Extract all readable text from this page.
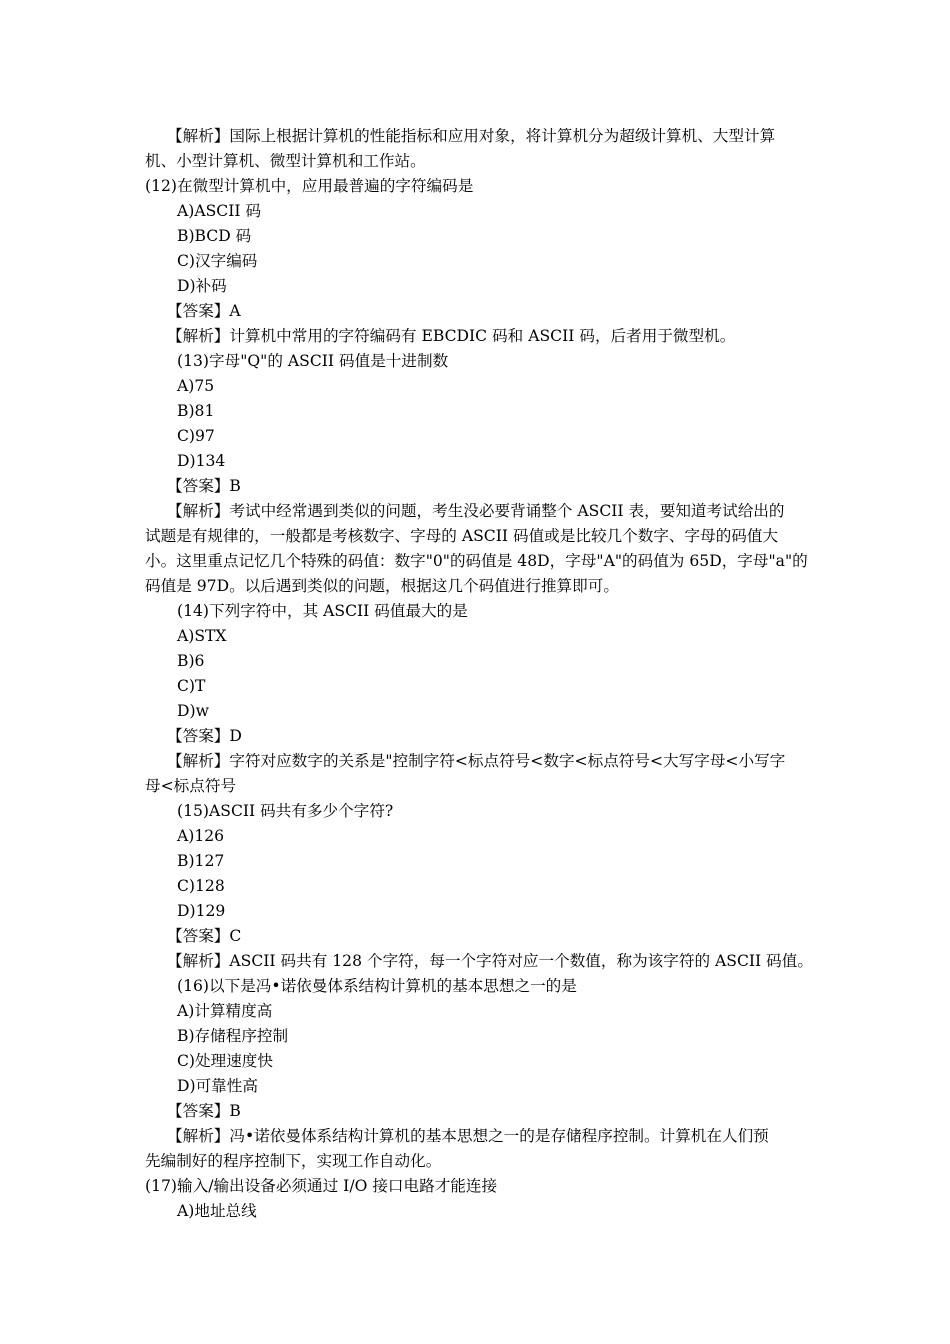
【解析】国际上根据计算机的性能指标和应用对象，将计算机分为超级计算机、大型计算
机、小型计算机、微型计算机和工作站。
(12)在微型计算机中，应用最普遍的字符编码是
A)ASCII 码
B)BCD 码
C)汉字编码
D)补码
【答案】A
【解析】计算机中常用的字符编码有 EBCDIC 码和 ASCII 码，后者用于微型机。
(13)字母"Q"的 ASCII 码值是十进制数
A)75
B)81
C)97
D)134
【答案】B
【解析】考试中经常遇到类似的问题，考生没必要背诵整个 ASCII 表，要知道考试给出的
试题是有规律的，一般都是考核数字、字母的 ASCII 码值或是比较几个数字、字母的码值大
小。这里重点记忆几个特殊的码值：数字"0"的码值是 48D，字母"A"的码值为 65D，字母"a"的
码值是 97D。以后遇到类似的问题，根据这几个码值进行推算即可。
(14)下列字符中，其 ASCII 码值最大的是
A)STX
B)6
C)T
D)w
【答案】D
【解析】字符对应数字的关系是"控制字符<标点符号<数字<标点符号<大写字母<小写字
母<标点符号
(15)ASCII 码共有多少个字符?
A)126
B)127
C)128
D)129
【答案】C
【解析】ASCII 码共有 128 个字符，每一个字符对应一个数值，称为该字符的 ASCII 码值。
(16)以下是冯•诺依曼体系结构计算机的基本思想之一的是
A)计算精度高
B)存储程序控制
C)处理速度快
D)可靠性高
【答案】B
【解析】冯•诺依曼体系结构计算机的基本思想之一的是存储程序控制。计算机在人们预
先编制好的程序控制下，实现工作自动化。
(17)输入/输出设备必须通过 I/O 接口电路才能连接
A)地址总线
